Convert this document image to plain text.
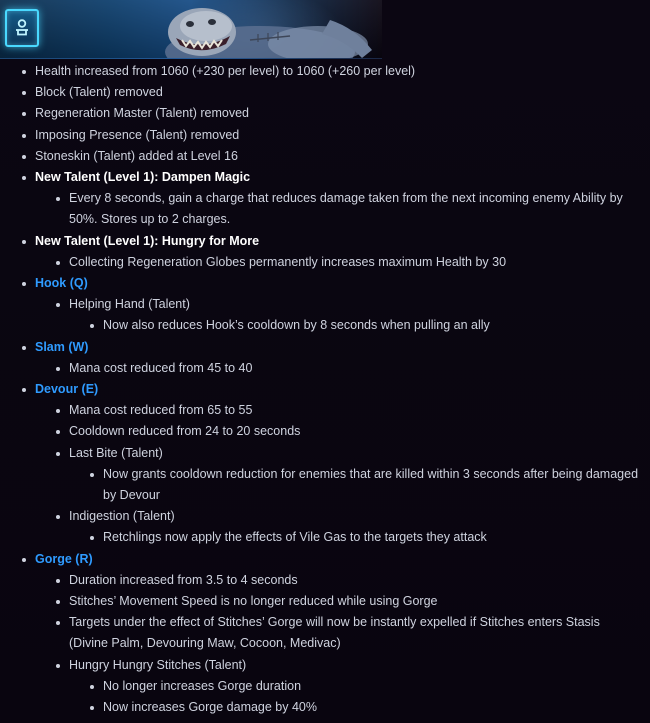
Health increased from 1060 (+230 per level) to 1060 (+260 per level)
Block (Talent) removed
Regeneration Master (Talent) removed
Imposing Presence (Talent) removed
Stoneskin (Talent) added at Level 16
New Talent (Level 1): Dampen Magic
Every 8 seconds, gain a charge that reduces damage taken from the next incoming enemy Ability by 50%. Stores up to 2 charges.
New Talent (Level 1): Hungry for More
Collecting Regeneration Globes permanently increases maximum Health by 30
Hook (Q)
Helping Hand (Talent)
Now also reduces Hook’s cooldown by 8 seconds when pulling an ally
Slam (W)
Mana cost reduced from 45 to 40
Devour (E)
Mana cost reduced from 65 to 55
Cooldown reduced from 24 to 20 seconds
Last Bite (Talent)
Now grants cooldown reduction for enemies that are killed within 3 seconds after being damaged by Devour
Indigestion (Talent)
Retchlings now apply the effects of Vile Gas to the targets they attack
Gorge (R)
Duration increased from 3.5 to 4 seconds
Stitches’ Movement Speed is no longer reduced while using Gorge
Targets under the effect of Stitches’ Gorge will now be instantly expelled if Stitches enters Stasis (Divine Palm, Devouring Maw, Cocoon, Medivac)
Hungry Hungry Stitches (Talent)
No longer increases Gorge duration
Now increases Gorge damage by 40%
